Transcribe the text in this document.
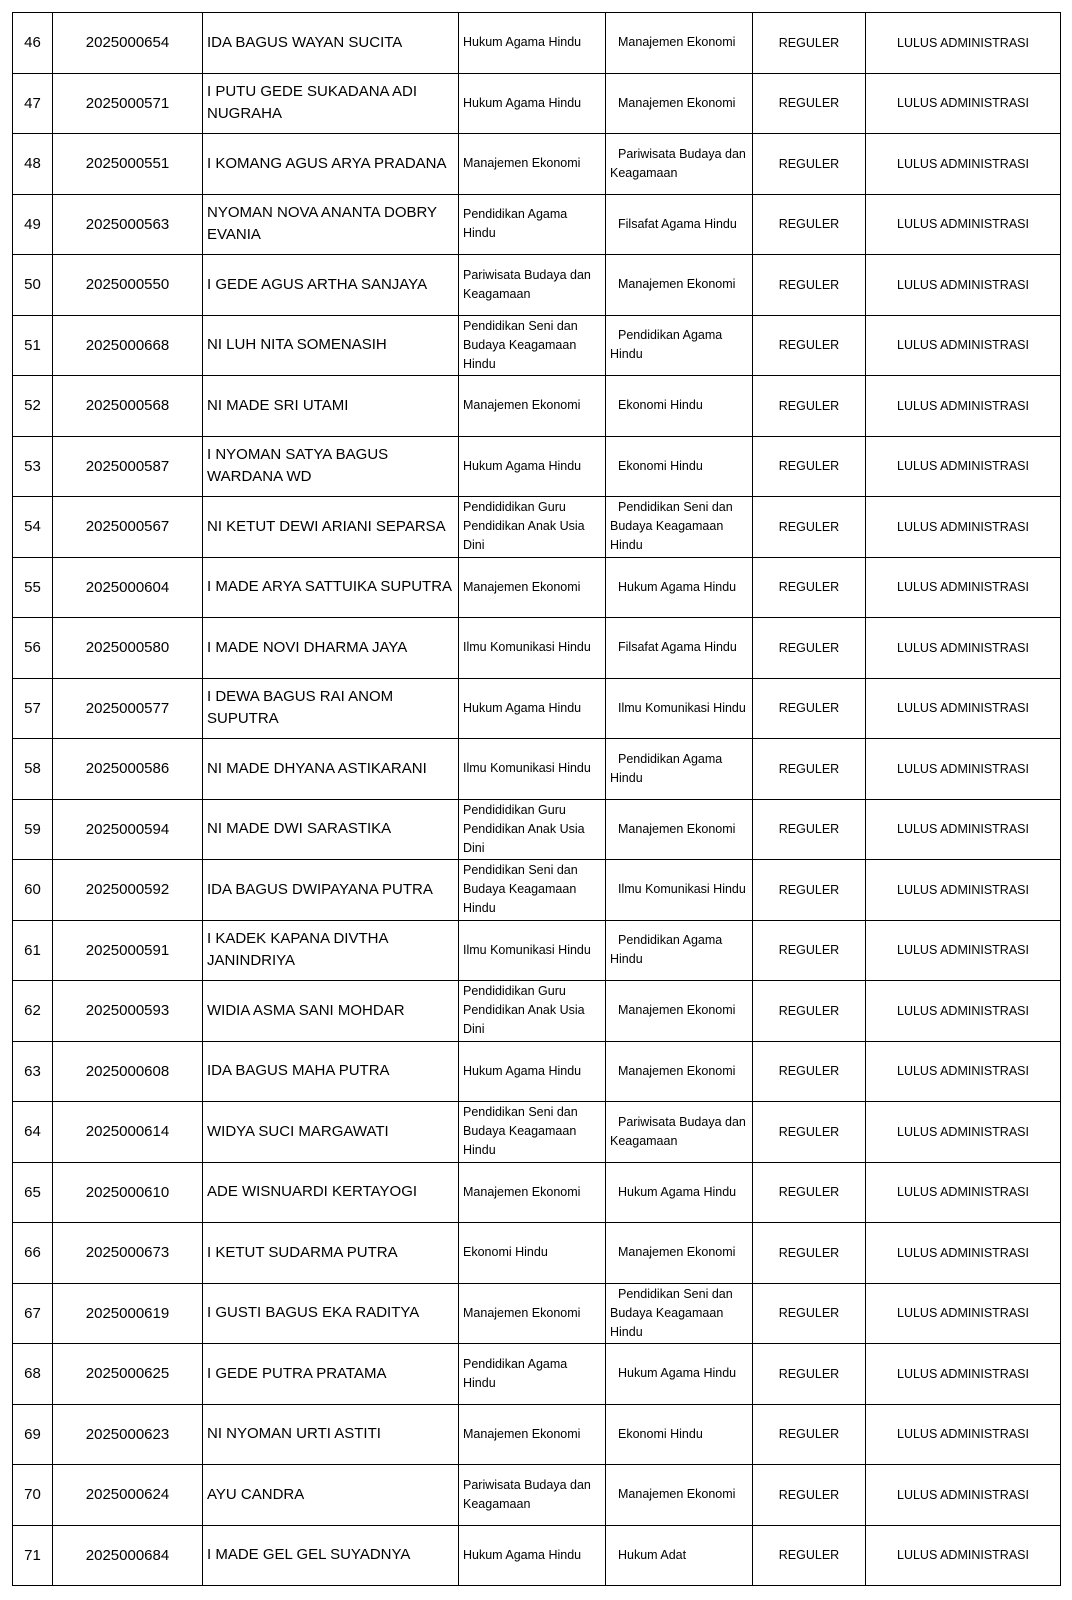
46	2025000654	IDA BAGUS WAYAN SUCITA	Hukum Agama Hindu	Manajemen Ekonomi	REGULER	LULUS ADMINISTRASI
47	2025000571	I PUTU GEDE SUKADANA ADI NUGRAHA	Hukum Agama Hindu	Manajemen Ekonomi	REGULER	LULUS ADMINISTRASI
48	2025000551	I KOMANG AGUS ARYA PRADANA	Manajemen Ekonomi	Pariwisata Budaya dan Keagamaan	REGULER	LULUS ADMINISTRASI
49	2025000563	NYOMAN NOVA ANANTA DOBRY EVANIA	Pendidikan Agama Hindu	Filsafat Agama Hindu	REGULER	LULUS ADMINISTRASI
50	2025000550	I GEDE AGUS ARTHA SANJAYA	Pariwisata Budaya dan Keagamaan	Manajemen Ekonomi	REGULER	LULUS ADMINISTRASI
51	2025000668	NI LUH NITA SOMENASIH	Pendidikan Seni dan Budaya Keagamaan Hindu	Pendidikan Agama Hindu	REGULER	LULUS ADMINISTRASI
52	2025000568	NI MADE SRI UTAMI	Manajemen Ekonomi	Ekonomi Hindu	REGULER	LULUS ADMINISTRASI
53	2025000587	I NYOMAN SATYA BAGUS WARDANA WD	Hukum Agama Hindu	Ekonomi Hindu	REGULER	LULUS ADMINISTRASI
54	2025000567	NI KETUT DEWI ARIANI SEPARSA	Pendididikan Guru Pendidikan Anak Usia Dini	Pendidikan Seni dan Budaya Keagamaan Hindu	REGULER	LULUS ADMINISTRASI
55	2025000604	I MADE ARYA SATTUIKA SUPUTRA	Manajemen Ekonomi	Hukum Agama Hindu	REGULER	LULUS ADMINISTRASI
56	2025000580	I MADE NOVI DHARMA JAYA	Ilmu Komunikasi Hindu	Filsafat Agama Hindu	REGULER	LULUS ADMINISTRASI
57	2025000577	I DEWA BAGUS RAI ANOM SUPUTRA	Hukum Agama Hindu	Ilmu Komunikasi Hindu	REGULER	LULUS ADMINISTRASI
58	2025000586	NI MADE DHYANA ASTIKARANI	Ilmu Komunikasi Hindu	Pendidikan Agama Hindu	REGULER	LULUS ADMINISTRASI
59	2025000594	NI MADE DWI SARASTIKA	Pendididikan Guru Pendidikan Anak Usia Dini	Manajemen Ekonomi	REGULER	LULUS ADMINISTRASI
60	2025000592	IDA BAGUS DWIPAYANA PUTRA	Pendidikan Seni dan Budaya Keagamaan Hindu	Ilmu Komunikasi Hindu	REGULER	LULUS ADMINISTRASI
61	2025000591	I KADEK KAPANA DIVTHA JANINDRIYA	Ilmu Komunikasi Hindu	Pendidikan Agama Hindu	REGULER	LULUS ADMINISTRASI
62	2025000593	WIDIA ASMA SANI MOHDAR	Pendididikan Guru Pendidikan Anak Usia Dini	Manajemen Ekonomi	REGULER	LULUS ADMINISTRASI
63	2025000608	IDA BAGUS MAHA PUTRA	Hukum Agama Hindu	Manajemen Ekonomi	REGULER	LULUS ADMINISTRASI
64	2025000614	WIDYA SUCI MARGAWATI	Pendidikan Seni dan Budaya Keagamaan Hindu	Pariwisata Budaya dan Keagamaan	REGULER	LULUS ADMINISTRASI
65	2025000610	ADE WISNUARDI KERTAYOGI	Manajemen Ekonomi	Hukum Agama Hindu	REGULER	LULUS ADMINISTRASI
66	2025000673	I KETUT SUDARMA PUTRA	Ekonomi Hindu	Manajemen Ekonomi	REGULER	LULUS ADMINISTRASI
67	2025000619	I GUSTI BAGUS EKA RADITYA	Manajemen Ekonomi	Pendidikan Seni dan Budaya Keagamaan Hindu	REGULER	LULUS ADMINISTRASI
68	2025000625	I GEDE PUTRA PRATAMA	Pendidikan Agama Hindu	Hukum Agama Hindu	REGULER	LULUS ADMINISTRASI
69	2025000623	NI NYOMAN URTI ASTITI	Manajemen Ekonomi	Ekonomi Hindu	REGULER	LULUS ADMINISTRASI
70	2025000624	AYU CANDRA	Pariwisata Budaya dan Keagamaan	Manajemen Ekonomi	REGULER	LULUS ADMINISTRASI
71	2025000684	I MADE GEL GEL SUYADNYA	Hukum Agama Hindu	Hukum Adat	REGULER	LULUS ADMINISTRASI
